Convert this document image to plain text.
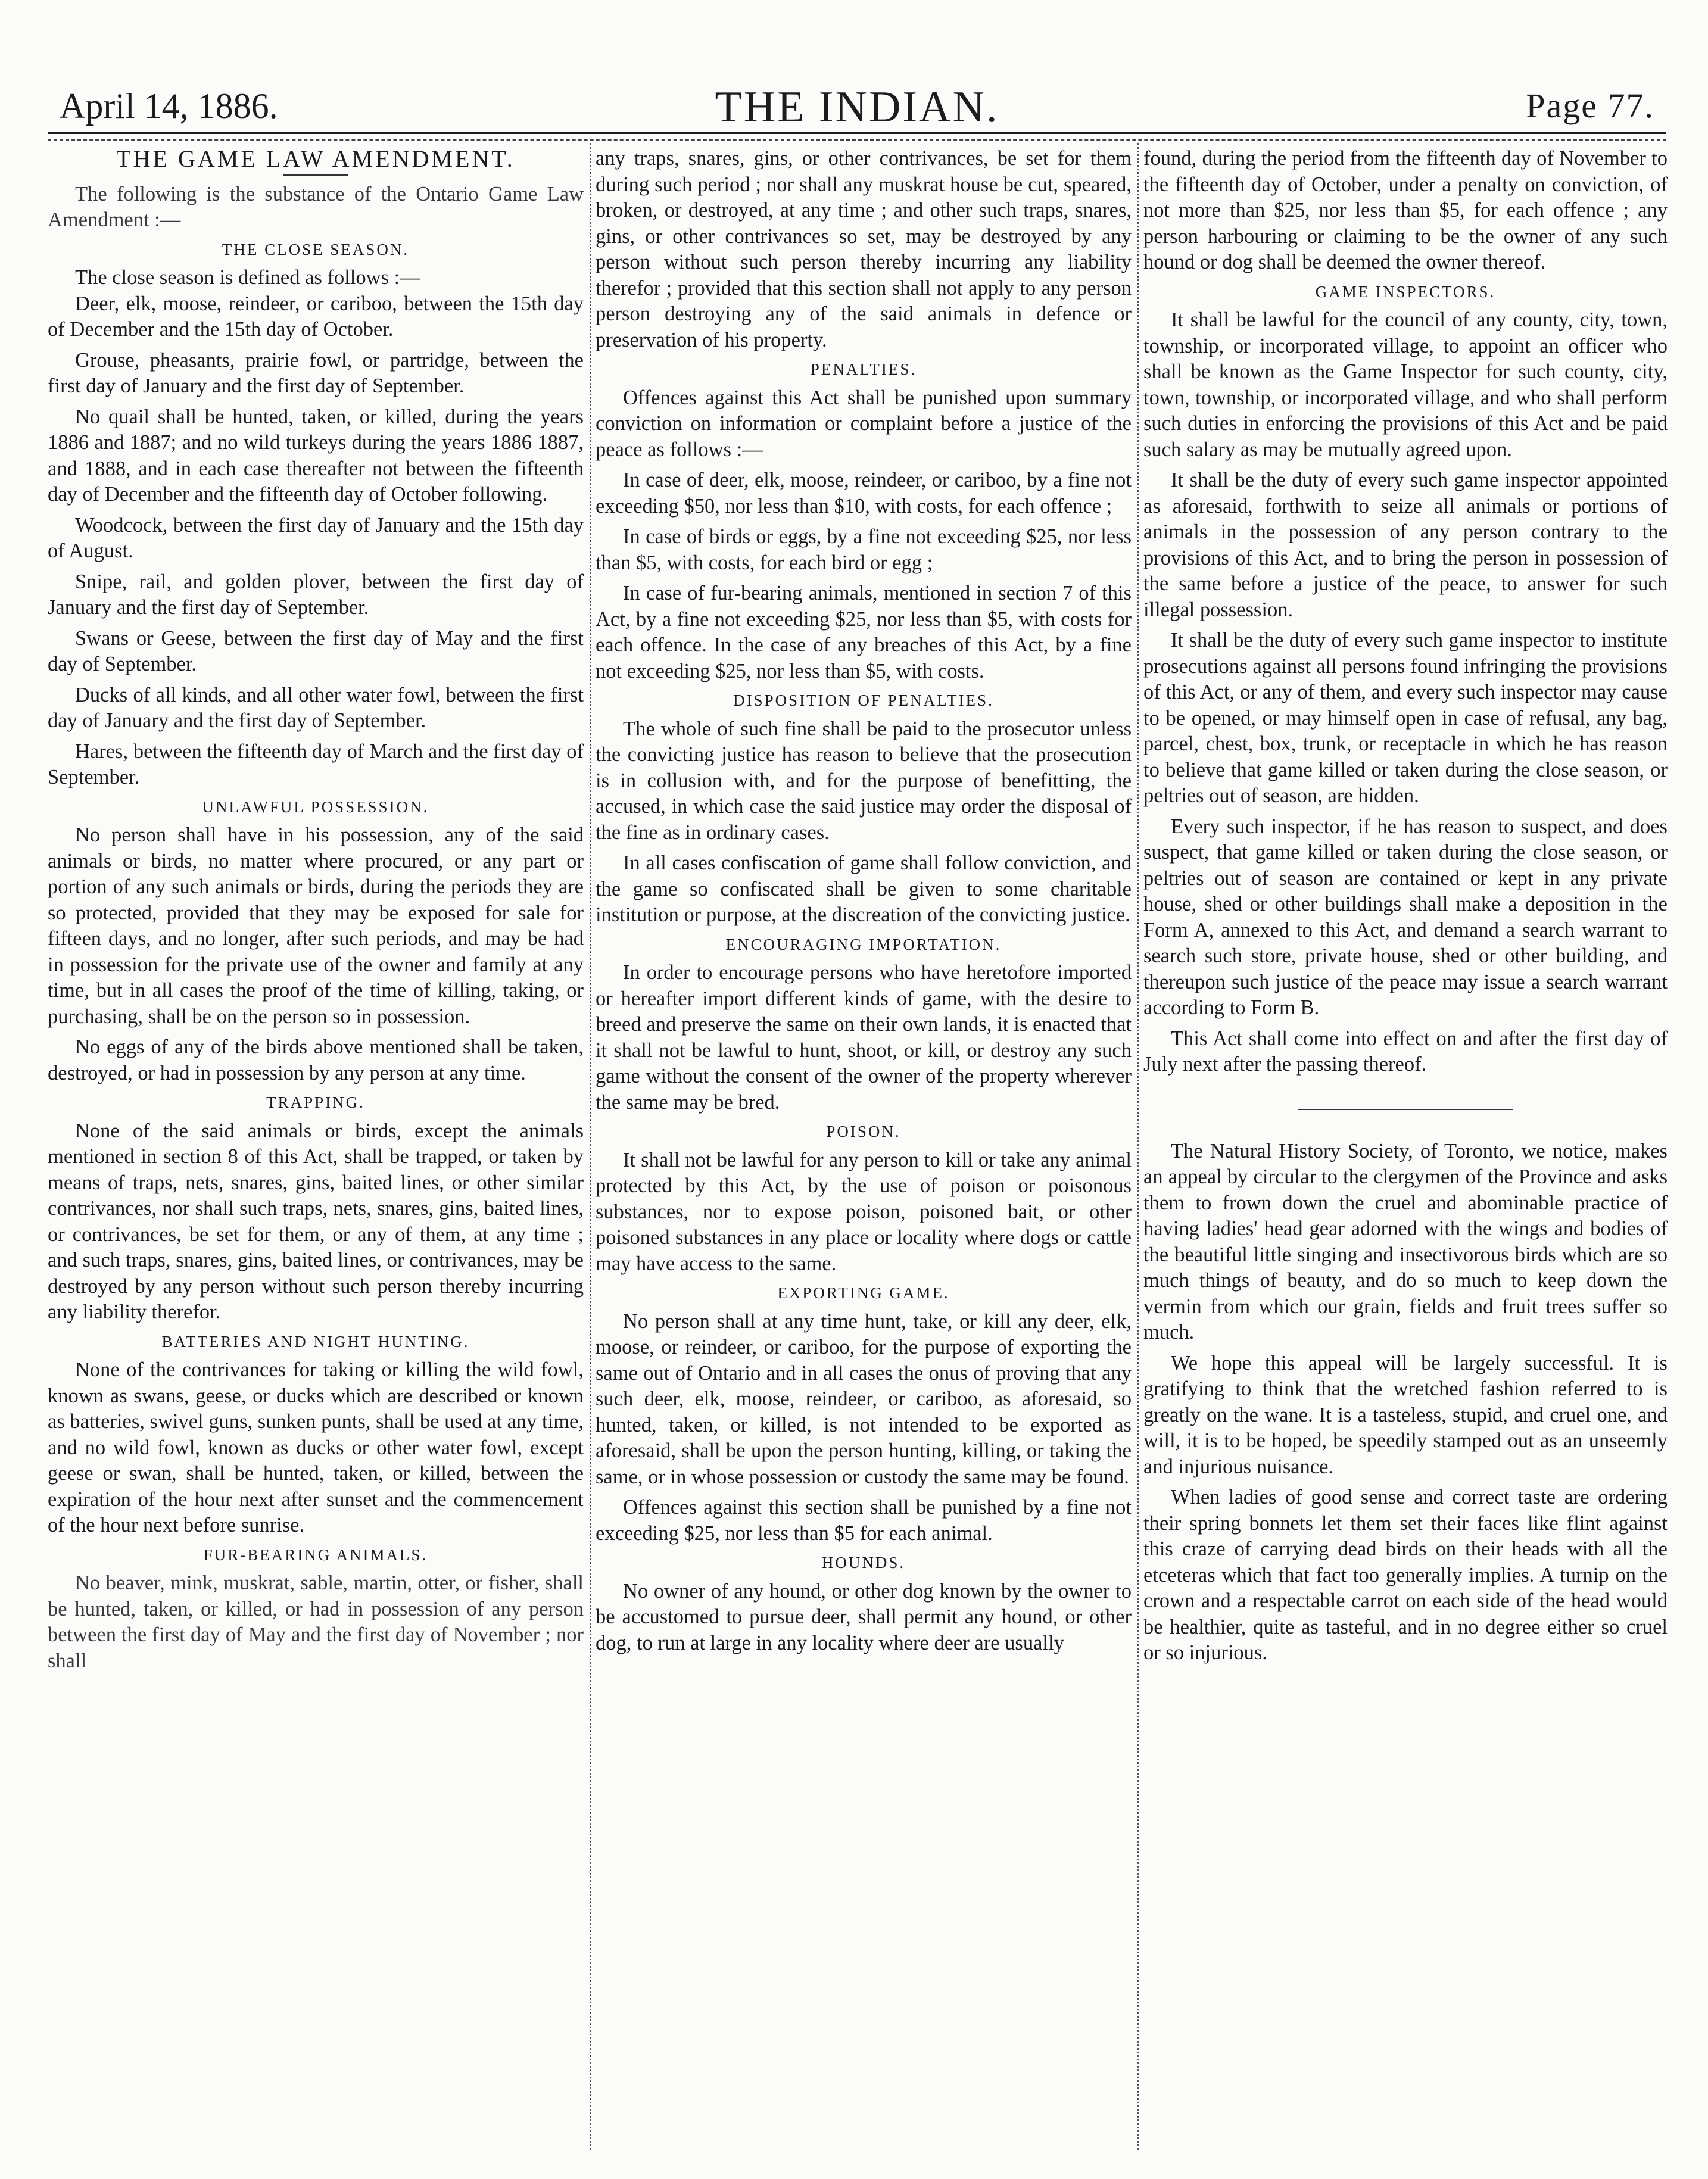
April 14, 1886.	THE INDIAN.	Page 77.
THE GAME LAW AMENDMENT.

The following is the substance of the Ontario Game Law Amendment :—

THE CLOSE SEASON.

The close season is defined as follows :—

Deer, elk, moose, reindeer, or cariboo, between the 15th day of December and the 15th day of October.

Grouse, pheasants, prairie fowl, or partridge, between the first day of January and the first day of September.

No quail shall be hunted, taken, or killed, during the years 1886 and 1887; and no wild turkeys during the years 1886 1887, and 1888, and in each case thereafter not between the fifteenth day of December and the fifteenth day of October following.

Woodcock, between the first day of January and the 15th day of August.

Snipe, rail, and golden plover, between the first day of January and the first day of September.

Swans or Geese, between the first day of May and the first day of September.

Ducks of all kinds, and all other water fowl, between the first day of January and the first day of September.

Hares, between the fifteenth day of March and the first day of September.

UNLAWFUL POSSESSION.

No person shall have in his possession, any of the said animals or birds, no matter where procured, or any part or portion of any such animals or birds, during the periods they are so protected, provided that they may be exposed for sale for fifteen days, and no longer, after such periods, and may be had in possession for the private use of the owner and family at any time, but in all cases the proof of the time of killing, taking, or purchasing, shall be on the person so in possession.

No eggs of any of the birds above mentioned shall be taken, destroyed, or had in possession by any person at any time.

TRAPPING.

None of the said animals or birds, except the animals mentioned in section 8 of this Act, shall be trapped, or taken by means of traps, nets, snares, gins, baited lines, or other similar contrivances, nor shall such traps, nets, snares, gins, baited lines, or contrivances, be set for them, or any of them, at any time ; and such traps, snares, gins, baited lines, or contrivances, may be destroyed by any person without such person thereby incurring any liability therefor.

BATTERIES AND NIGHT HUNTING.

None of the contrivances for taking or killing the wild fowl, known as swans, geese, or ducks which are described or known as batteries, swivel guns, sunken punts, shall be used at any time, and no wild fowl, known as ducks or other water fowl, except geese or swan, shall be hunted, taken, or killed, between the expiration of the hour next after sunset and the commencement of the hour next before sunrise.

FUR-BEARING ANIMALS.

No beaver, mink, muskrat, sable, martin, otter, or fisher, shall be hunted, taken, or killed, or had in possession of any person between the first day of May and the first day of November ; nor shall

any traps, snares, gins, or other contrivances, be set for them during such period ; nor shall any muskrat house be cut, speared, broken, or destroyed, at any time ; and other such traps, snares, gins, or other contrivances so set, may be destroyed by any person without such person thereby incurring any liability therefor ; provided that this section shall not apply to any person person destroying any of the said animals in defence or preservation of his property.

PENALTIES.

Offences against this Act shall be punished upon summary conviction on information or complaint before a justice of the peace as follows :—

In case of deer, elk, moose, reindeer, or cariboo, by a fine not exceeding $50, nor less than $10, with costs, for each offence ;

In case of birds or eggs, by a fine not exceeding $25, nor less than $5, with costs, for each bird or egg ;

In case of fur-bearing animals, mentioned in section 7 of this Act, by a fine not exceeding $25, nor less than $5, with costs for each offence. In the case of any breaches of this Act, by a fine not exceeding $25, nor less than $5, with costs.

DISPOSITION OF PENALTIES.

The whole of such fine shall be paid to the prosecutor unless the convicting justice has reason to believe that the prosecution is in collusion with, and for the purpose of benefitting, the accused, in which case the said justice may order the disposal of the fine as in ordinary cases.

In all cases confiscation of game shall follow conviction, and the game so confiscated shall be given to some charitable institution or purpose, at the discreation of the convicting justice.

ENCOURAGING IMPORTATION.

In order to encourage persons who have heretofore imported or hereafter import different kinds of game, with the desire to breed and preserve the same on their own lands, it is enacted that it shall not be lawful to hunt, shoot, or kill, or destroy any such game without the consent of the owner of the property wherever the same may be bred.

POISON.

It shall not be lawful for any person to kill or take any animal protected by this Act, by the use of poison or poisonous substances, nor to expose poison, poisoned bait, or other poisoned substances in any place or locality where dogs or cattle may have access to the same.

EXPORTING GAME.

No person shall at any time hunt, take, or kill any deer, elk, moose, or reindeer, or cariboo, for the purpose of exporting the same out of Ontario and in all cases the onus of proving that any such deer, elk, moose, reindeer, or cariboo, as aforesaid, so hunted, taken, or killed, is not intended to be exported as aforesaid, shall be upon the person hunting, killing, or taking the same, or in whose possession or custody the same may be found.

Offences against this section shall be punished by a fine not exceeding $25, nor less than $5 for each animal.

HOUNDS.

No owner of any hound, or other dog known by the owner to be accustomed to pursue deer, shall permit any hound, or other dog, to run at large in any locality where deer are usually

found, during the period from the fifteenth day of November to the fifteenth day of October, under a penalty on conviction, of not more than $25, nor less than $5, for each offence ; any person harbouring or claiming to be the owner of any such hound or dog shall be deemed the owner thereof.

GAME INSPECTORS.

It shall be lawful for the council of any county, city, town, township, or incorporated village, to appoint an officer who shall be known as the Game Inspector for such county, city, town, township, or incorporated village, and who shall perform such duties in enforcing the provisions of this Act and be paid such salary as may be mutually agreed upon.

It shall be the duty of every such game inspector appointed as aforesaid, forthwith to seize all animals or portions of animals in the possession of any person contrary to the provisions of this Act, and to bring the person in possession of the same before a justice of the peace, to answer for such illegal possession.

It shall be the duty of every such game inspector to institute prosecutions against all persons found infringing the provisions of this Act, or any of them, and every such inspector may cause to be opened, or may himself open in case of refusal, any bag, parcel, chest, box, trunk, or receptacle in which he has reason to believe that game killed or taken during the close season, or peltries out of season, are hidden.

Every such inspector, if he has reason to suspect, and does suspect, that game killed or taken during the close season, or peltries out of season are contained or kept in any private house, shed or other buildings shall make a deposition in the Form A, annexed to this Act, and demand a search warrant to search such store, private house, shed or other building, and thereupon such justice of the peace may issue a search warrant according to Form B.

This Act shall come into effect on and after the first day of July next after the passing thereof.

The Natural History Society, of Toronto, we notice, makes an appeal by circular to the clergymen of the Province and asks them to frown down the cruel and abominable practice of having ladies' head gear adorned with the wings and bodies of the beautiful little singing and insectivorous birds which are so much things of beauty, and do so much to keep down the vermin from which our grain, fields and fruit trees suffer so much.

We hope this appeal will be largely successful. It is gratifying to think that the wretched fashion referred to is greatly on the wane. It is a tasteless, stupid, and cruel one, and will, it is to be hoped, be speedily stamped out as an unseemly and injurious nuisance.

When ladies of good sense and correct taste are ordering their spring bonnets let them set their faces like flint against this craze of carrying dead birds on their heads with all the etceteras which that fact too generally implies. A turnip on the crown and a respectable carrot on each side of the head would be healthier, quite as tasteful, and in no degree either so cruel or so injurious.
